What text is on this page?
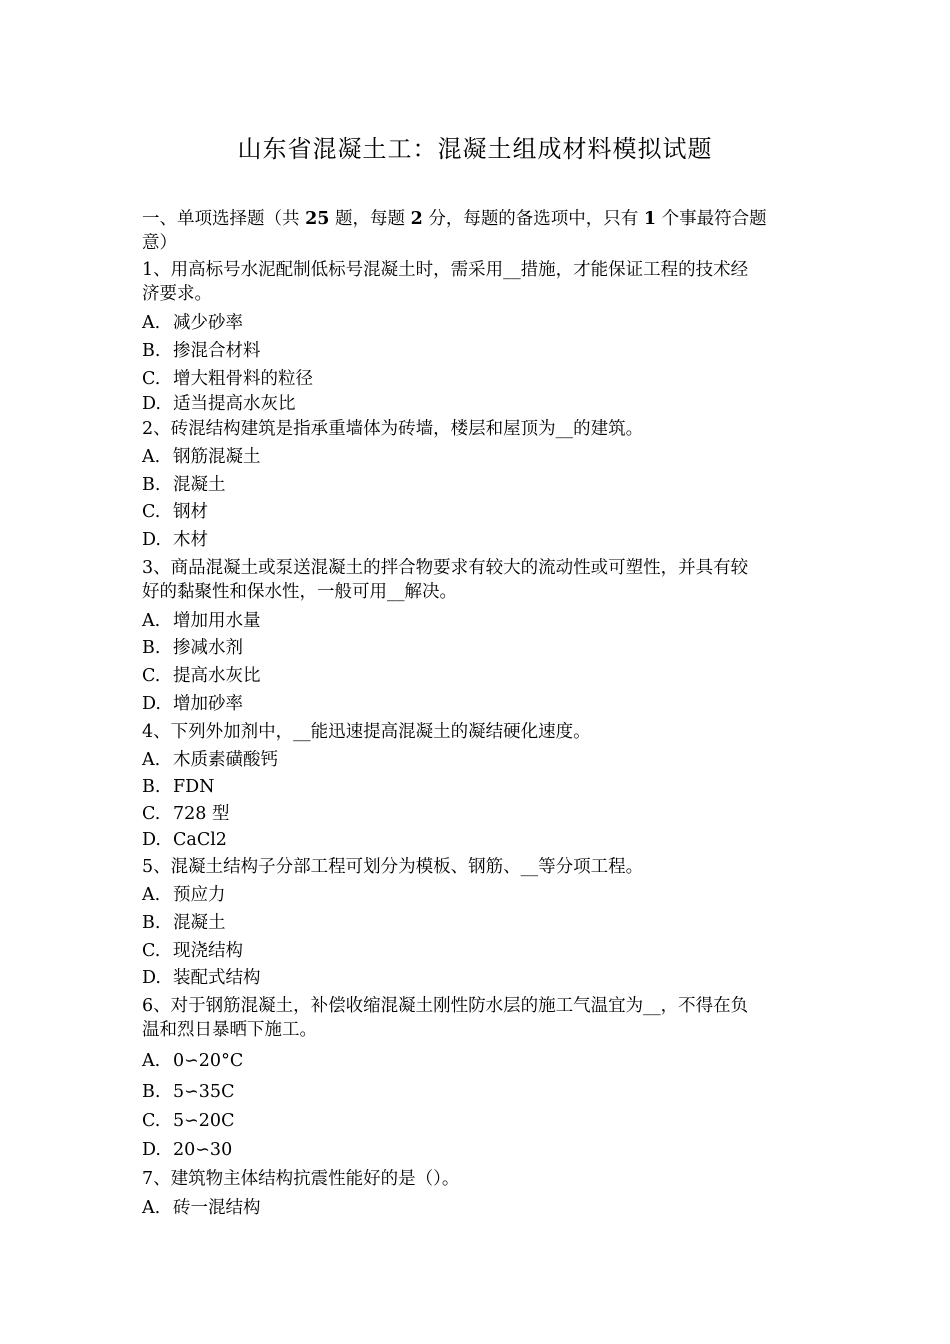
山东省混凝土工：混凝土组成材料模拟试题
一、单项选择题（共 25 题，每题 2 分，每题的备选项中，只有 1 个事最符合题
意）
1、用高标号水泥配制低标号混凝土时，需采用__措施，才能保证工程的技术经
济要求。
A. 减少砂率
B. 掺混合材料
C. 增大粗骨料的粒径
D. 适当提高水灰比
2、砖混结构建筑是指承重墙体为砖墙，楼层和屋顶为__的建筑。
A. 钢筋混凝土
B. 混凝土
C. 钢材
D. 木材
3、商品混凝土或泵送混凝土的拌合物要求有较大的流动性或可塑性，并具有较
好的黏聚性和保水性，一般可用__解决。
A. 增加用水量
B. 掺减水剂
C. 提高水灰比
D. 增加砂率
4、下列外加剂中，__能迅速提高混凝土的凝结硬化速度。
A. 木质素磺酸钙
B. FDN
C. 728 型
D. CaCl2
5、混凝土结构子分部工程可划分为模板、钢筋、__等分项工程。
A. 预应力
B. 混凝土
C. 现浇结构
D. 装配式结构
6、对于钢筋混凝土，补偿收缩混凝土刚性防水层的施工气温宜为__，不得在负
温和烈日暴晒下施工。
A. 0∽20°C
B. 5∽35C
C. 5∽20C
D. 20∽30
7、建筑物主体结构抗震性能好的是（）。
A. 砖一混结构
